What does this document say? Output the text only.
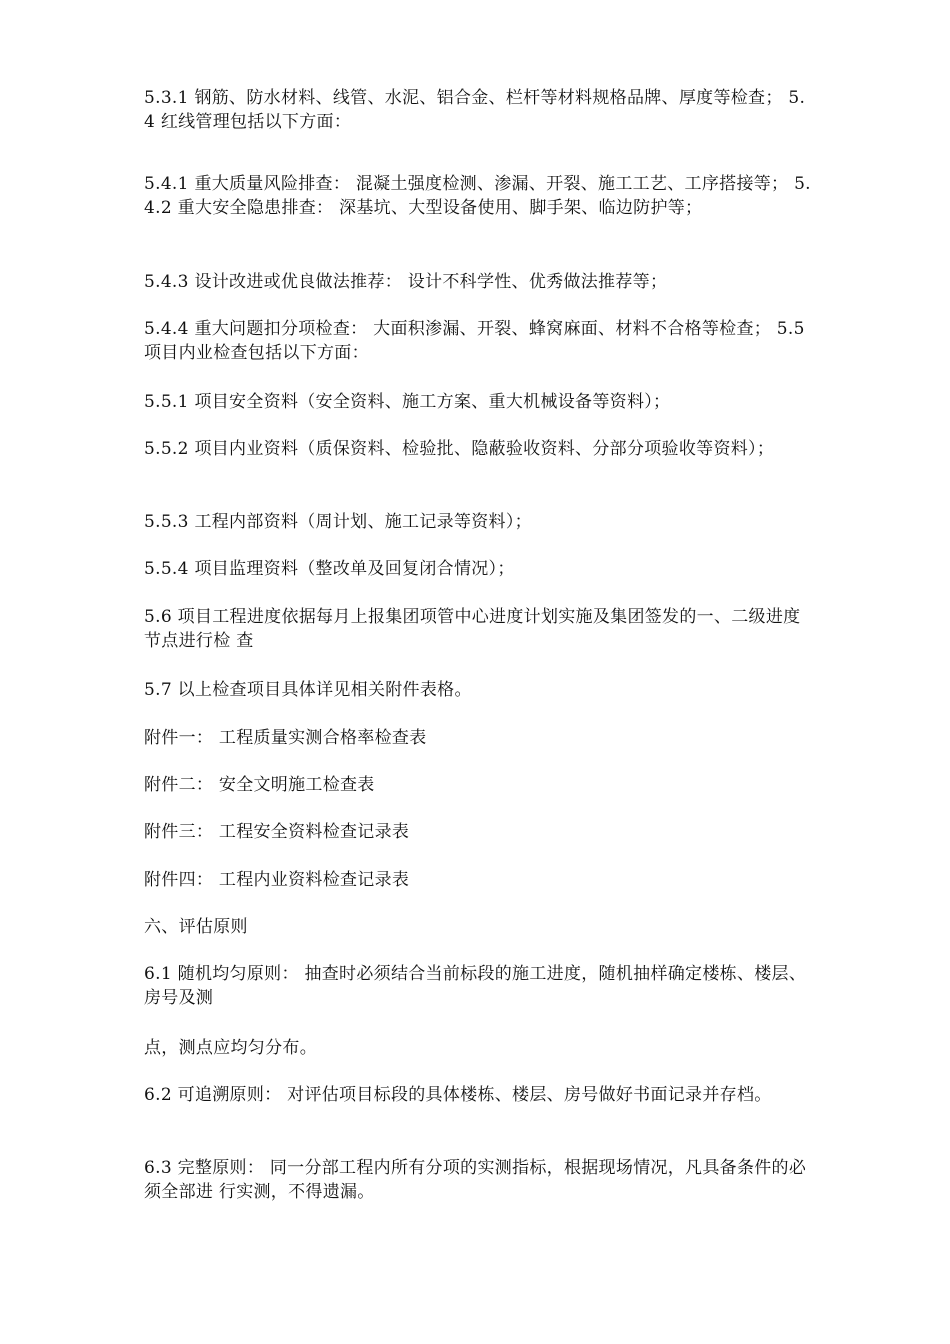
5.3.1 钢筋、防水材料、线管、水泥、铝合金、栏杆等材料规格品牌、厚度等检查； 5.4 红线管理包括以下方面：

5.4.1 重大质量风险排查： 混凝土强度检测、渗漏、开裂、施工工艺、工序搭接等； 5.4.2 重大安全隐患排查： 深基坑、大型设备使用、脚手架、临边防护等；

5.4.3 设计改进或优良做法推荐： 设计不科学性、优秀做法推荐等；

5.4.4 重大问题扣分项检查： 大面积渗漏、开裂、蜂窝麻面、材料不合格等检查； 5.5 项目内业检查包括以下方面：

5.5.1 项目安全资料（安全资料、施工方案、重大机械设备等资料）；

5.5.2 项目内业资料（质保资料、检验批、隐蔽验收资料、分部分项验收等资料）；

5.5.3 工程内部资料（周计划、施工记录等资料）；

5.5.4 项目监理资料（整改单及回复闭合情况）；

5.6 项目工程进度依据每月上报集团项管中心进度计划实施及集团签发的一、二级进度节点进行检 查

5.7 以上检查项目具体详见相关附件表格。

附件一： 工程质量实测合格率检查表

附件二： 安全文明施工检查表

附件三： 工程安全资料检查记录表

附件四： 工程内业资料检查记录表

六、评估原则

6.1 随机均匀原则： 抽查时必须结合当前标段的施工进度，随机抽样确定楼栋、楼层、房号及测

点，测点应均匀分布。

6.2 可追溯原则： 对评估项目标段的具体楼栋、楼层、房号做好书面记录并存档。

6.3 完整原则： 同一分部工程内所有分项的实测指标，根据现场情况，凡具备条件的必须全部进 行实测，不得遗漏。
